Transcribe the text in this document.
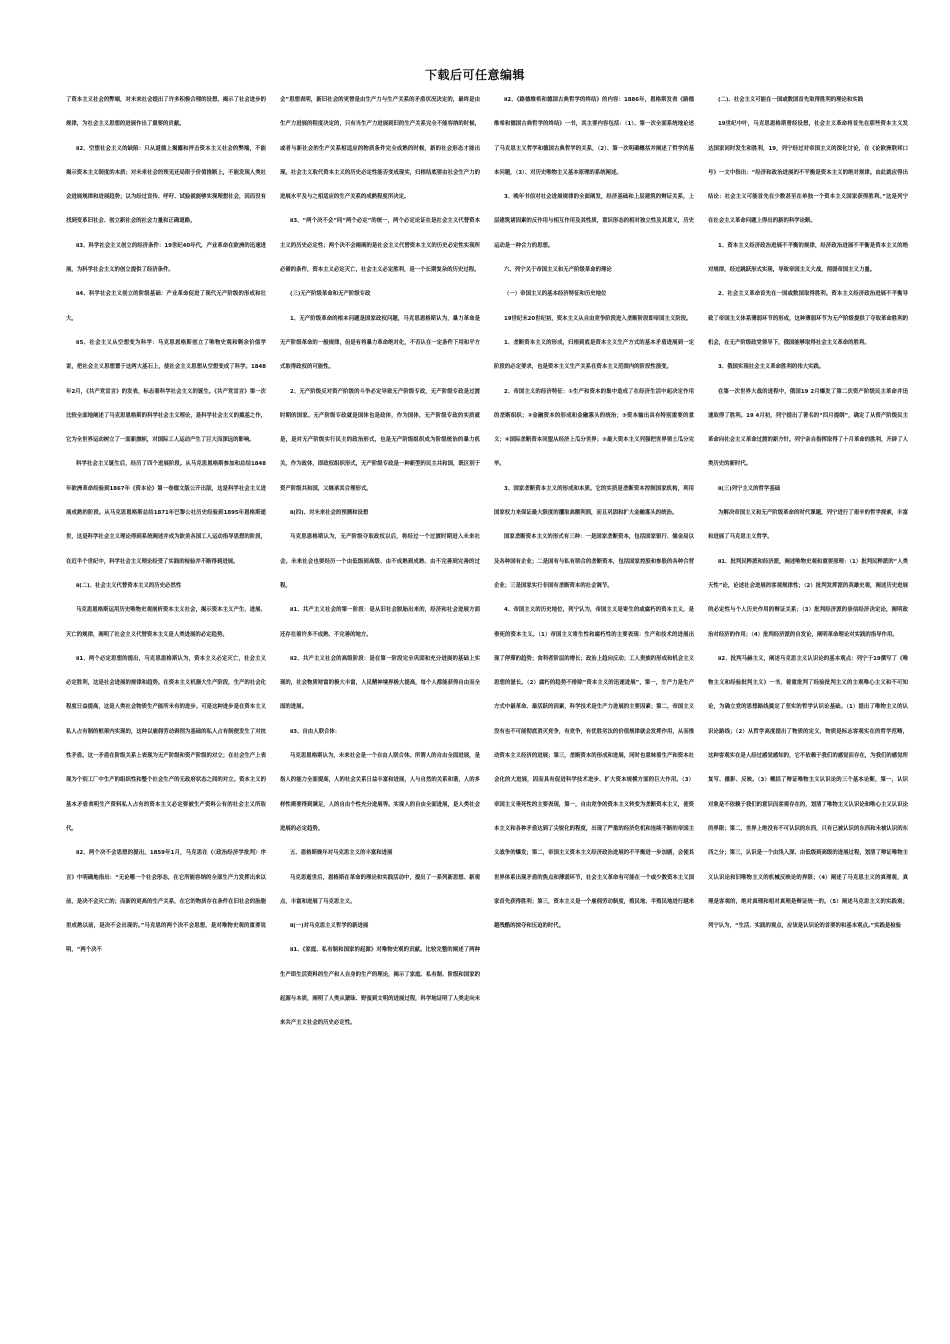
下载后可任意编辑

了资本主义社会的弊端，对未来社会提出了许多积极合理的设想，揭示了社会进步的规律，为社会主义思想的进展作出了重要的贡献。

ⅱ2、空想社会主义的缺陷：只从道德上揭露和抨击资本主义社会的弊端，不能揭示资本主义制度的本质；对未来社会的预见还局限于价值推断上，不能发现人类社会进展规律和进展趋势；以为经过宣传、呼吁、试验就能够实现理想社会，因而没有找到变革旧社会、创立新社会的社会力量和正确道路。

ⅱ3、科学社会主义创立的经济条件：19世纪40年代，产业革命在欧洲的迅速进展，为科学社会主义的创立提供了经济条件。

ⅱ4、科学社会主义创立的阶级基础：产业革命促进了现代无产阶级的形成和壮大。

ⅱ5、社会主义从空想变为科学：马克思恩格斯创立了唯物史观和剩余价值学说，把社会主义思想置于这两大基石上，使社会主义思想从空想变成了科学。1848年2月，《共产党宣言》的发表，标志着科学社会主义的诞生。《共产党宣言》第一次比较全面地阐述了马克思恩格斯的科学社会主义理论，是科学社会主义的奠基之作，它为全世界运动树立了一面新旗帜，对国际工人运动产生了巨大而深远的影响。

科学社会主义诞生后，经历了四个进展阶段。从马克思恩格斯参加和总结1848年欧洲革命经验到1867年《资本论》第一卷德文版公开出版，这是科学社会主义进展成熟的阶段。从马克思恩格斯总结1871年巴黎公社历史经验到1895年恩格斯逝世，这是科学社会主义理论得到系统阐述并成为欧美各国工人运动指导思想的阶段，在近半个世纪中，科学社会主义理论经受了实践的检验并不断得到进展。

ⅱ(二)、社会主义代替资本主义的历史必然性

马克思恩格斯运用历史唯物史观剖析资本主义社会，揭示资本主义产生、进展、灭亡的规律，阐明了社会主义代替资本主义是人类进展的必定趋势。

ⅱ1、两个必定思想的提出，马克思恩格斯认为，资本主义必定灭亡，社会主义必定胜利，这是社会进展的规律和趋势。在资本主义机器大生产阶段，生产的社会化程度日益提高，这是人类社会物质生产能所未有的进步。可是这种进步是在资本主义私人占有制的框架内实现的，这种以雇佣劳动剥削为基础的私人占有制便发生了对抗性矛盾。这一矛盾在阶级关系上表现为无产阶级和资产阶级的对立；在社会生产上表现为个别工厂中生产的组织性和整个社会生产的无政府状态之间的对立。资本主义的基本矛盾表明生产资料私人占有的资本主义必定要被生产资料公有的社会主义所取代。

ⅱ2、两个决不会思想的提出，1859年1月，马克思在《〈政治经济学批判〉序言》中明确地指出：“无论哪一个社会形态，在它所能容纳的全部生产力发挥出来以前，是决不会灭亡的；而新的更高的生产关系，在它的物质存在条件在旧社会的胎胞里成熟以前，是决不会出现的。”马克思的两个决不会思想，是对唯物史观的重要说明，“两个决不

会”思想表明，新旧社会的更替是由生产力与生产关系的矛盾状况决定的，最终是由生产力进展的程度决定的，只有当生产力进展到旧的生产关系完全不能容纳的时候，或者与新社会的生产关系相适应的物质条件完全成熟的时候，新的社会形态才能出现。社会主义取代资本主义的历史必定性能否变成现实，归根结底要由社会生产力的进展水平及与之相适应的生产关系的成熟程度所决定。

ⅱ3、“两个决不会”同“两个必定”的统一，两个必定论证在是社会主义代替资本主义的历史必定性；两个决不会揭阐的是社会主义代替资本主义的历史必定性实现所必需的条件，资本主义必定灭亡，社会主义必定胜利，是一个长期复杂的历史过程。

(三)无产阶级革命和无产阶级专政

1、无产阶级革命的根本问题是国家政权问题，马克思恩格斯认为，暴力革命是无产阶级革命的一般规律，但是有将暴力革命绝对化，不否认在一定条件下用和平方式取得政权的可能性。

2、无产阶级反对资产阶级的斗争必定导致无产阶级专政，无产阶级专政是过渡时期的国家。无产阶级专政就是国体也是政体，作为国体，无产阶级专政的实质就是，是对无产阶级实行民主的政治形式，也是无产阶级组织成为阶级统治的暴力机关。作为政体，即政权组织形式，无产阶级专政是一种新型的民主共和国，既区别于资产阶级共和国，又继承其合理形式。

ⅱ(四)、对未来社会的预测和设想

马克思恩格斯认为，无产阶级夺取政权以后，将经过一个过渡时期进入未来社会。未来社会也要经历一个由低级到高级、由不成熟到成熟、由不完善到完善的过程。

ⅱ1、共产主义社会的第一阶段：是从旧社会脱胎出来的，经济和社会进展方面还存在着许多不成熟、不完善的地方。

ⅱ2、共产主义社会的高级阶段：是在第一阶段完全巩固和充分进展的基础上实现的，社会物质财富的极大丰富，人民精神境界极大提高，每个人都能获得自由而全面的进展。

ⅱ3、自由人联合体：

马克思恩格斯认为，未来社会是一个自由人联合体。所谓人的自由全面进展，是指人的能力全面提高，人的社会关系日益丰富和进展，人与自然的关系和谐，人的多样性需要得到满足，人的自由个性充分进展等。实现人的自由全面进展，是人类社会进展的必定趋势。

五、恩格斯晚年对马克思主义的丰富和进展

马克思逝世后，恩格斯在革命的理论和实践活动中，提出了一系列新思想、新观点，丰富和进展了马克思主义。

ⅱ(一)对马克思主义哲学的新进展

ⅱ1、《家庭、私有制和国家的起源》对唯物史观的贡献。比较完整的阐述了两种生产即生活资料的生产和人自身的生产的理论，揭示了家庭、私有制、阶级和国家的起源与本质，阐明了人类从蒙昧、野蛮到文明的进展过程，科学地证明了人类走向未来共产主义社会的历史必定性。

ⅱ2、《路德维希和德国古典哲学的终结》的内容：1886年，恩格斯发表《路德维希和德国古典哲学的终结》一书，其主要内容包括：（1）、第一次全面系统地论述了马克思主义哲学和德国古典哲学的关系，（2）、第一次明确概括并阐述了哲学的基本问题，（3）、对历史唯物主义基本原理的系统阐述。

3、晚年书信对社会进展规律的全面阐发，经济基础和上层建筑的辩证关系，上层建筑诸因素的反作用与相互作用及其性质，意识形态的相对独立性及其意义，历史运动是一种合力的思想。

六、列宁关于帝国主义和无产阶级革命的理论

（一）帝国主义的基本经济特征和历史地位

19世纪末20世纪初，资本主义从自由竞争阶段进入垄断阶段即帝国主义阶段。

1、垄断资本主义的形成，归根到底是资本主义生产方式的基本矛盾进展到一定阶段的必定要求，也是资本主义生产关系在资本主义范围内的阶段性演变。

2、帝国主义的经济特征：①生产和资本的集中造成了在经济生活中起决定作用的垄断组织；②金融资本的形成和金融寡头的统治；③资本输出具有特别重要的意义；④国际垄断资本同盟从经济上瓜分世界；⑤最大资本主义列强把世界领土瓜分完毕。

3、国家垄断资本主义的形成和本质。它的实质是垄断资本控制国家机构，利用国家权力来保证最大限度的攫取高额利润，而且巩固和扩大金融寡头的统治。

国家垄断资本主义的形式有三种：一是国家垄断资本，包括国家银行、储金局以及各种国有企业；二是国有与私有联合的垄断资本，包括国家控股和参股的各种合营企业；三是国家实行非国有垄断资本的社会调节。

4、帝国主义的历史地位，列宁认为，帝国主义是寄生的或腐朽的资本主义，是垂死的资本主义。（1）帝国主义寄生性和腐朽性的主要表现：生产和技术的进展出现了停滞的趋势；食利者阶层的增长；政治上趋向反动；工人贵族的形成和机会主义思想的滋长。（2）腐朽的趋势不排除“资本主义的迅速进展”，第一，生产力是生产方式中最革命、最活跃的因素，科学技术是生产力进展的主要因素；第二，帝国主义没有也不可能彻底消灭竞争，有竞争，有优胜劣汰的价值规律就会发挥作用，从而推动资本主义经济的进展；第三，垄断资本的形成和进展，同时也意味着生产和资本社会化的大进展，因而具有促进科学技术进步、扩大资本规模方面的巨大作用。（3）帝国主义垂死性的主要表现，第一，自由竞争的资本主义转变为垄断资本主义，使资本主义和各种矛盾达到了尖锐化的程度，出现了严重的经济危机和连续不断的帝国主义战争的爆发；第二，帝国主义资本主义经济政治进展的不平衡进一步加剧，会使其世界体系出现矛盾的焦点和薄弱环节，社会主义革命有可能在一个或少数资本主义国家首先获得胜利；第三，资本主义是一个雇佣劳动制度，殖民地、半殖民地进行越来越残酷的掠夺和压迫的时代。

(二)、社会主义可能在一国或数国首先取得胜利的理论和实践

19世纪中叶，马克思恩格斯曾经设想，社会主义革命将首先在那些资本主义发达国家同时发生和胜利，19，列宁经过对帝国主义的深化讨论，在《论欧洲联邦口号》一文中指出：“经济和政治进展的不平衡是资本主义的绝对规律。由此就应得出结论：社会主义可能首先在少数甚至在单独一个资本主义国家获得胜利。”这是列宁在社会主义革命问题上得出的新的科学论断。

1、资本主义经济政治进展不平衡的规律，经济政治进展不平衡是资本主义的绝对规律，经过跳跃形式实现，导致帝国主义大战，削弱帝国主义力量。

2、社会主义革命首先在一国或数国取得胜利。资本主义经济政治进展不平衡导致了帝国主义体系薄弱环节的形成，这种薄弱环节为无产阶级提供了夺取革命胜利的机会，在无产阶级政党领导下，俄国能够取得社会主义革命的胜利。

3、俄国实现社会主义革命胜利的伟大实践。

在第一次世界大战的进程中，俄国19 2月爆发了第二次资产阶级民主革命并迅速取得了胜利。19 4月初，列宁提出了著名的“四月提纲”，确定了从资产阶级民主革命向社会主义革命过渡的新方针。列宁亲自指挥取得了十月革命的胜利，开辟了人类历史的新时代。

ⅱ(三)列宁主义的哲学基础

为解决帝国主义和无产阶级革命的时代课题，列宁进行了艰辛的哲学探索，丰富和进展了马克思主义哲学。

ⅱ1、批判民粹派和经济派，阐述唯物史观和重要原理：（1）批判民粹派的“人类天性”论，论述社会进展的客观规律性；（2）批判发挥派的英雄史观，阐述历史进展的必定性与个人历史作用的辩证关系；（3）批判经济派的崇信经济决定论，阐明政治对经济的作用；（4）批判经济派的自发论，阐明革命理论对实践的指导作用。

ⅱ2、批判马赫主义，阐述马克思主义认识论的基本观点：列宁于19撰写了《唯物主义和经验批判主义》一书，着重批判了经验批判主义的主观唯心主义和不可知论，为确立党的思想路线奠定了坚实的哲学认识论基础。（1）提出了唯物主义的认识论路线；（2）从哲学高度提出了物质的定义，物质是标志客观实在的哲学范畴，这种客观实在是人经过感觉感知的，它不依赖于我们的感觉而存在，为我们的感觉所复写、摄影、反映。（3）概括了辩证唯物主义认识论的三个基本论断，第一，认识对象是不依赖于我们的意识而客观存在的，划清了唯物主义认识论和唯心主义认识论的界限；第二，世界上绝没有不可认识的东西，只有已被认识的东西和未被认识的东西之分；第三，认识是一个由浅入深、由低级到高级的进展过程，划清了辩证唯物主义认识论和旧唯物主义的机械反映论的界限；（4）阐述了马克思主义的真理观，真理是客观的，绝对真理和相对真理是辩证统一的。（5）阐述马克思主义的实践观；列宁认为，“生活、实践的观点，应该是认识论的首要的和基本观点。”实践是检验
